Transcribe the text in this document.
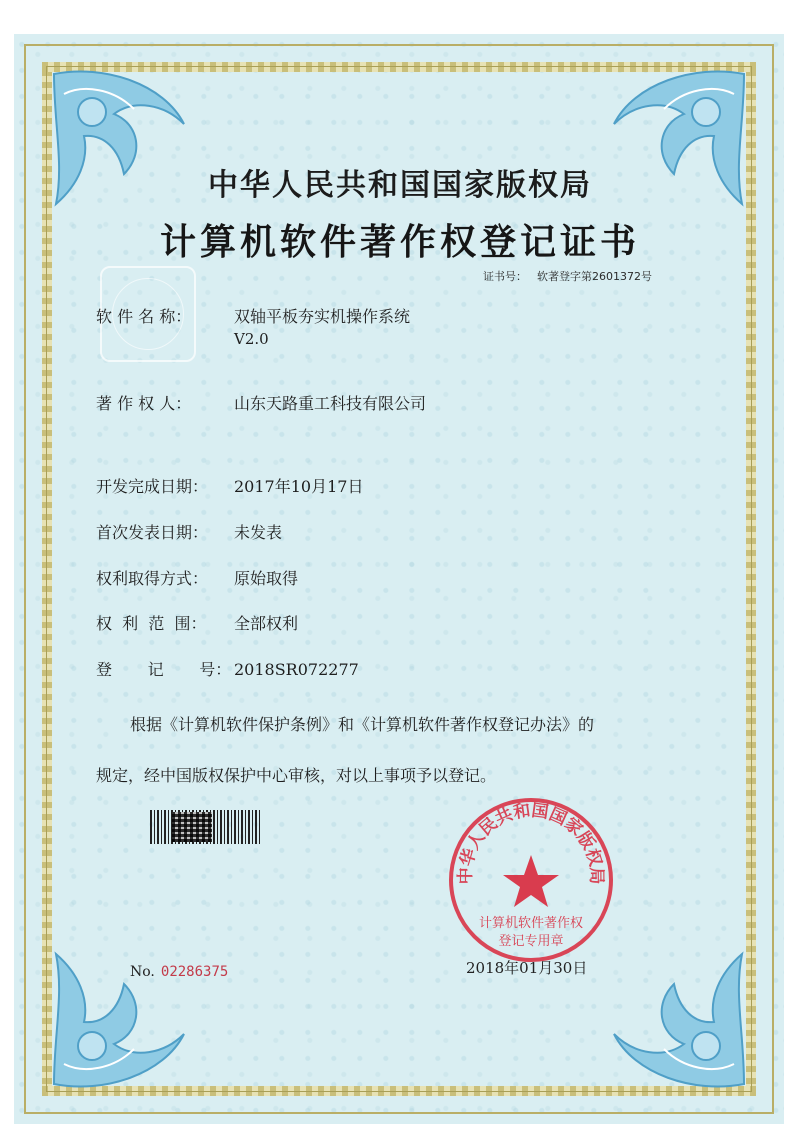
中华人民共和国国家版权局
计算机软件著作权登记证书
证书号： 软著登字第2601372号
软 件 名 称：	双轴平板夯实机操作系统
V2.0
著 作 权 人：	山东天路重工科技有限公司
开发完成日期： 2017年10月17日
首次发表日期： 未发表
权利取得方式： 原始取得
权  利  范  围： 全部权利
登       记       号： 2018SR072277
根据《计算机软件保护条例》和《计算机软件著作权登记办法》的
规定，经中国版权保护中心审核，对以上事项予以登记。
No. 02286375
中华人民共和国国家版权局
计算机软件著作权
登记专用章
2018年01月30日
